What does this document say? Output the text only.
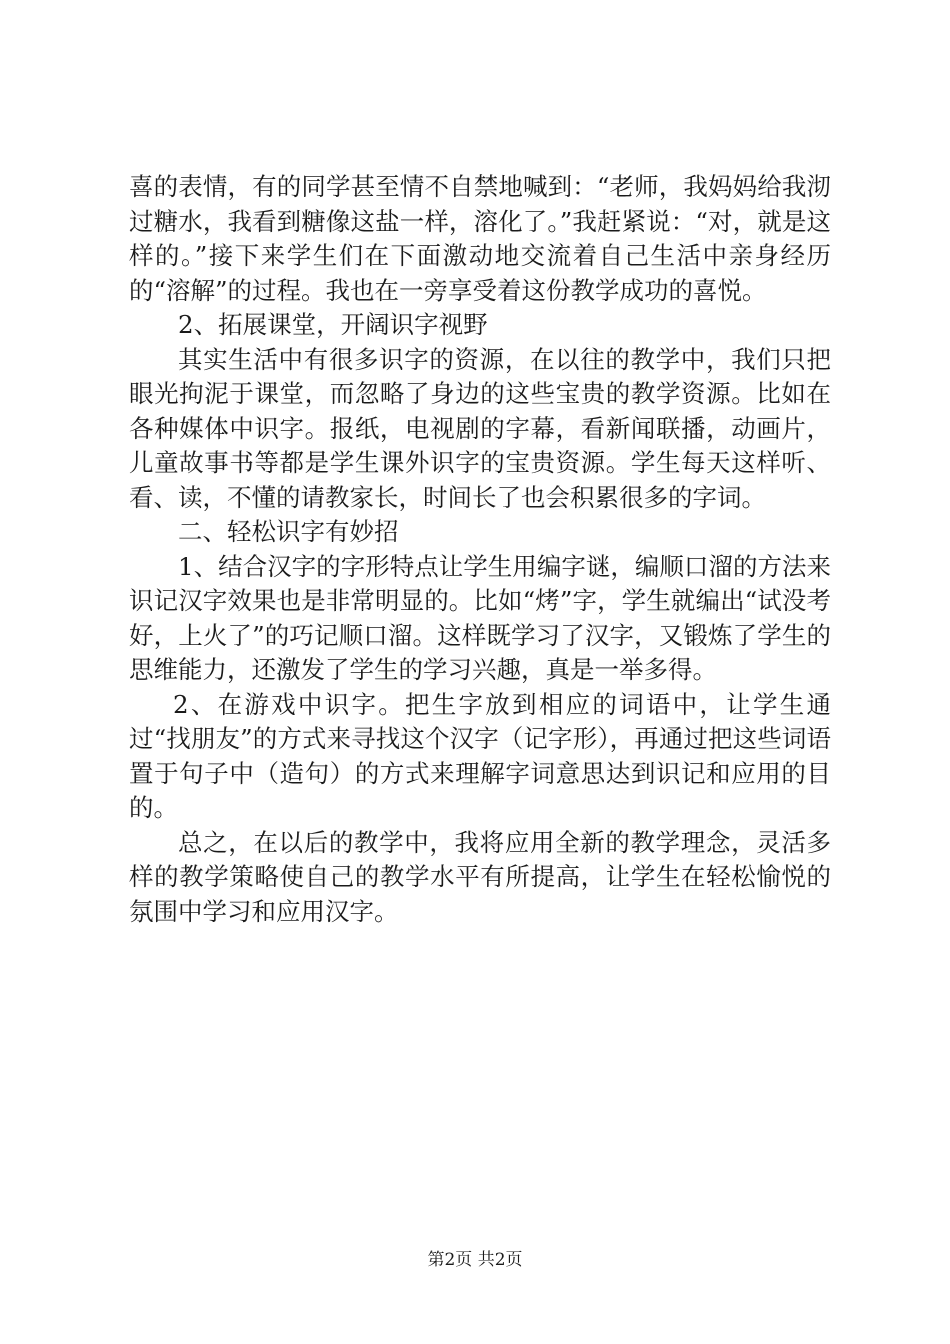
喜的表情，有的同学甚至情不自禁地喊到：“老师，我妈妈给我沏过糖水，我看到糖像这盐一样，溶化了。”我赶紧说：“对，就是这样的。”接下来学生们在下面激动地交流着自己生活中亲身经历的“溶解”的过程。我也在一旁享受着这份教学成功的喜悦。

2、拓展课堂，开阔识字视野

其实生活中有很多识字的资源，在以往的教学中，我们只把眼光拘泥于课堂，而忽略了身边的这些宝贵的教学资源。比如在各种媒体中识字。报纸，电视剧的字幕，看新闻联播，动画片，儿童故事书等都是学生课外识字的宝贵资源。学生每天这样听、看、读，不懂的请教家长，时间长了也会积累很多的字词。

二、轻松识字有妙招

1、结合汉字的字形特点让学生用编字谜，编顺口溜的方法来识记汉字效果也是非常明显的。比如“烤”字，学生就编出“试没考好，上火了”的巧记顺口溜。这样既学习了汉字，又锻炼了学生的思维能力，还激发了学生的学习兴趣，真是一举多得。

2、在游戏中识字。把生字放到相应的词语中，让学生通过“找朋友”的方式来寻找这个汉字（记字形），再通过把这些词语置于句子中（造句）的方式来理解字词意思达到识记和应用的目的。

总之，在以后的教学中，我将应用全新的教学理念，灵活多样的教学策略使自己的教学水平有所提高，让学生在轻松愉悦的氛围中学习和应用汉字。

第2页 共2页
